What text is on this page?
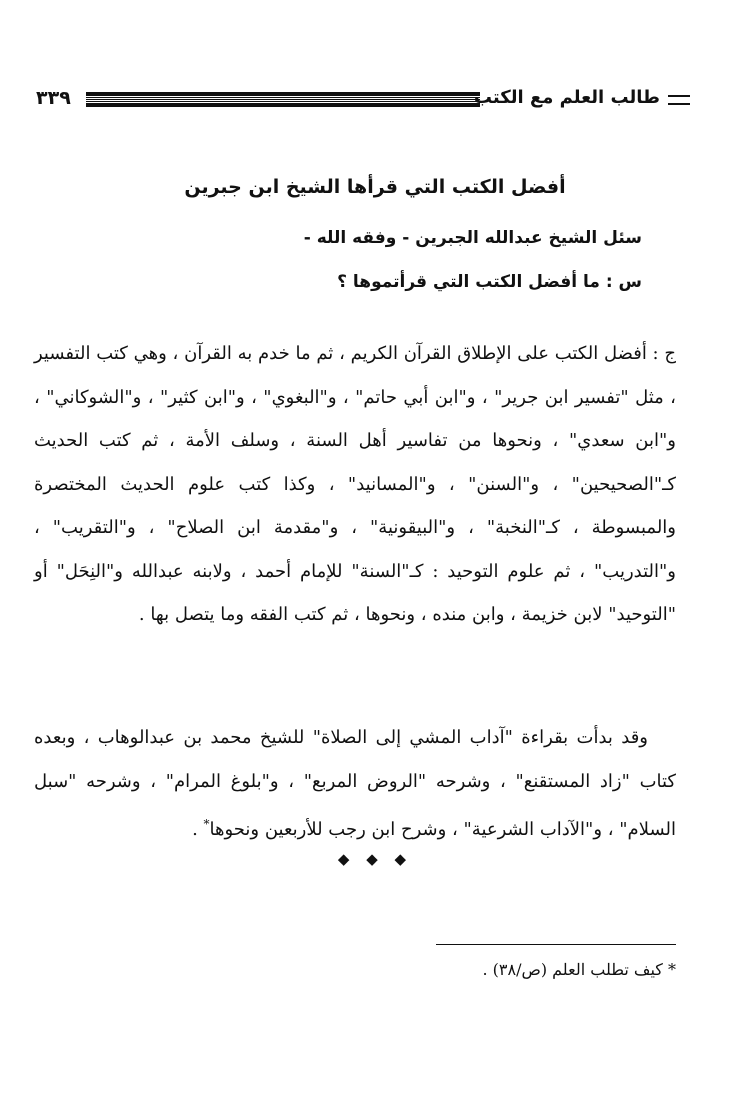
٣٣٩	طالب العلم مع الكتب
أفضل الكتب التي قرأها الشيخ ابن جبرين
سئل الشيخ عبدالله الجبرين - وفقه الله -
س : ما أفضل الكتب التي قرأتموها ؟

ج : أفضل الكتب على الإطلاق القرآن الكريم ، ثم ما خدم به القرآن ، وهي كتب التفسير ، مثل "تفسير ابن جرير" ، و"ابن أبي حاتم" ، و"البغوي" ، و"ابن كثير" ، و"الشوكاني" ، و"ابن سعدي" ، ونحوها من تفاسير أهل السنة ، وسلف الأمة ، ثم كتب الحديث كـ"الصحيحين" ، و"السنن" ، و"المسانيد" ، وكذا كتب علوم الحديث المختصرة والمبسوطة ، كـ"النخبة" ، و"البيقونية" ، و"مقدمة ابن الصلاح" ، و"التقريب" ، و"التدريب" ، ثم علوم التوحيد : كـ"السنة" للإمام أحمد ، ولابنه عبدالله و"النِحَل" أو "التوحيد" لابن خزيمة ، وابن منده ، ونحوها ، ثم كتب الفقه وما يتصل بها .

وقد بدأت بقراءة "آداب المشي إلى الصلاة" للشيخ محمد بن عبدالوهاب ، وبعده كتاب "زاد المستقنع" ، وشرحه "الروض المربع" ، و"بلوغ المرام" ، وشرحه "سبل السلام" ، و"الآداب الشرعية" ، وشرح ابن رجب للأربعين ونحوها* .

◆ ◆ ◆
* كيف تطلب العلم (ص/٣٨) .
